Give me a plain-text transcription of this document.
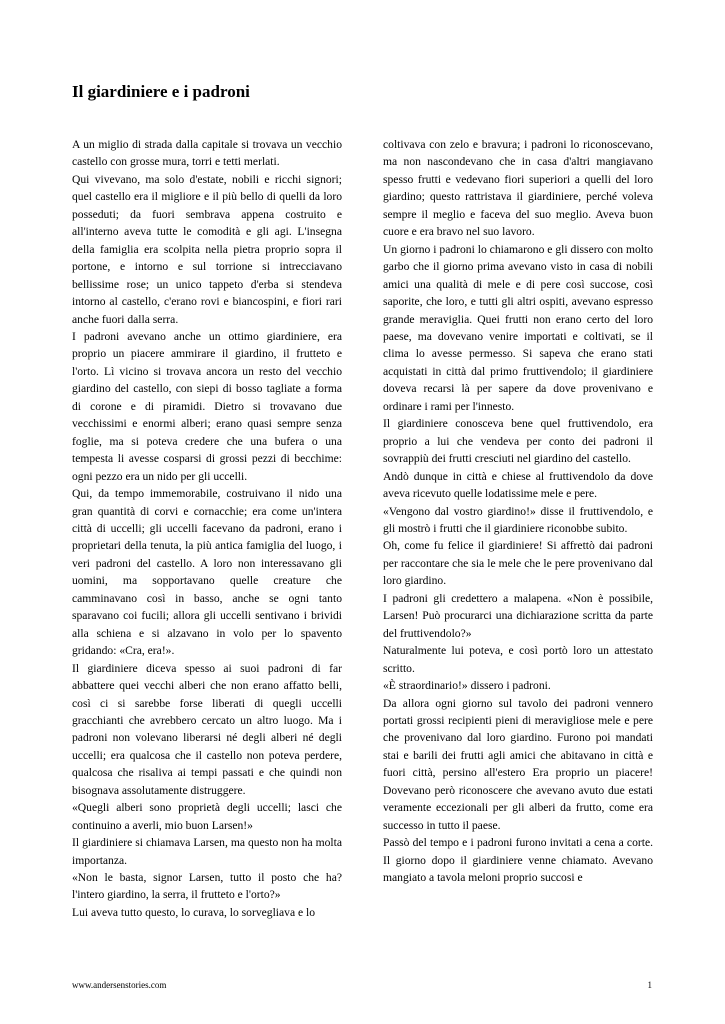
Il giardiniere e i padroni

A un miglio di strada dalla capitale si trovava un vecchio castello con grosse mura, torri e tetti merlati.

Qui vivevano, ma solo d'estate, nobili e ricchi signori; quel castello era il migliore e il più bello di quelli da loro posseduti; da fuori sembrava appena costruito e all'interno aveva tutte le comodità e gli agi. L'insegna della famiglia era scolpita nella pietra proprio sopra il portone, e intorno e sul torrione si intrecciavano bellissime rose; un unico tappeto d'erba si stendeva intorno al castello, c'erano rovi e biancospini, e fiori rari anche fuori dalla serra.

I padroni avevano anche un ottimo giardiniere, era proprio un piacere ammirare il giardino, il frutteto e l'orto. Lì vicino si trovava ancora un resto del vecchio giardino del castello, con siepi di bosso tagliate a forma di corone e di piramidi. Dietro si trovavano due vecchissimi e enormi alberi; erano quasi sempre senza foglie, ma si poteva credere che una bufera o una tempesta li avesse cosparsi di grossi pezzi di becchime: ogni pezzo era un nido per gli uccelli.

Qui, da tempo immemorabile, costruivano il nido una gran quantità di corvi e cornacchie; era come un'intera città di uccelli; gli uccelli facevano da padroni, erano i proprietari della tenuta, la più antica famiglia del luogo, i veri padroni del castello. A loro non interessavano gli uomini, ma sopportavano quelle creature che camminavano così in basso, anche se ogni tanto sparavano coi fucili; allora gli uccelli sentivano i brividi alla schiena e si alzavano in volo per lo spavento gridando: «Cra, era!».

Il giardiniere diceva spesso ai suoi padroni di far abbattere quei vecchi alberi che non erano affatto belli, così ci si sarebbe forse liberati di quegli uccelli gracchianti che avrebbero cercato un altro luogo. Ma i padroni non volevano liberarsi né degli alberi né degli uccelli; era qualcosa che il castello non poteva perdere, qualcosa che risaliva ai tempi passati e che quindi non bisognava assolutamente distruggere.

«Quegli alberi sono proprietà degli uccelli; lasci che continuino a averli, mio buon Larsen!»

Il giardiniere si chiamava Larsen, ma questo non ha molta importanza.

«Non le basta, signor Larsen, tutto il posto che ha? l'intero giardino, la serra, il frutteto e l'orto?»

Lui aveva tutto questo, lo curava, lo sorvegliava e lo

coltivava con zelo e bravura; i padroni lo riconoscevano, ma non nascondevano che in casa d'altri mangiavano spesso frutti e vedevano fiori superiori a quelli del loro giardino; questo rattristava il giardiniere, perché voleva sempre il meglio e faceva del suo meglio. Aveva buon cuore e era bravo nel suo lavoro.

Un giorno i padroni lo chiamarono e gli dissero con molto garbo che il giorno prima avevano visto in casa di nobili amici una qualità di mele e di pere così succose, così saporite, che loro, e tutti gli altri ospiti, avevano espresso grande meraviglia. Quei frutti non erano certo del loro paese, ma dovevano venire importati e coltivati, se il clima lo avesse permesso. Si sapeva che erano stati acquistati in città dal primo fruttivendolo; il giardiniere doveva recarsi là per sapere da dove provenivano e ordinare i rami per l'innesto.

Il giardiniere conosceva bene quel fruttivendolo, era proprio a lui che vendeva per conto dei padroni il sovrappiù dei frutti cresciuti nel giardino del castello.

Andò dunque in città e chiese al fruttivendolo da dove aveva ricevuto quelle lodatissime mele e pere.

«Vengono dal vostro giardino!» disse il fruttivendolo, e gli mostrò i frutti che il giardiniere riconobbe subito.

Oh, come fu felice il giardiniere! Si affrettò dai padroni per raccontare che sia le mele che le pere provenivano dal loro giardino.

I padroni gli credettero a malapena. «Non è possibile, Larsen! Può procurarci una dichiarazione scritta da parte del fruttivendolo?»

Naturalmente lui poteva, e così portò loro un attestato scritto.

«È straordinario!» dissero i padroni.

Da allora ogni giorno sul tavolo dei padroni vennero portati grossi recipienti pieni di meravigliose mele e pere che provenivano dal loro giardino. Furono poi mandati stai e barili dei frutti agli amici che abitavano in città e fuori città, persino all'estero Era proprio un piacere! Dovevano però riconoscere che avevano avuto due estati veramente eccezionali per gli alberi da frutto, come era successo in tutto il paese.

Passò del tempo e i padroni furono invitati a cena a corte. Il giorno dopo il giardiniere venne chiamato. Avevano mangiato a tavola meloni proprio succosi e

www.andersenstories.com	1
